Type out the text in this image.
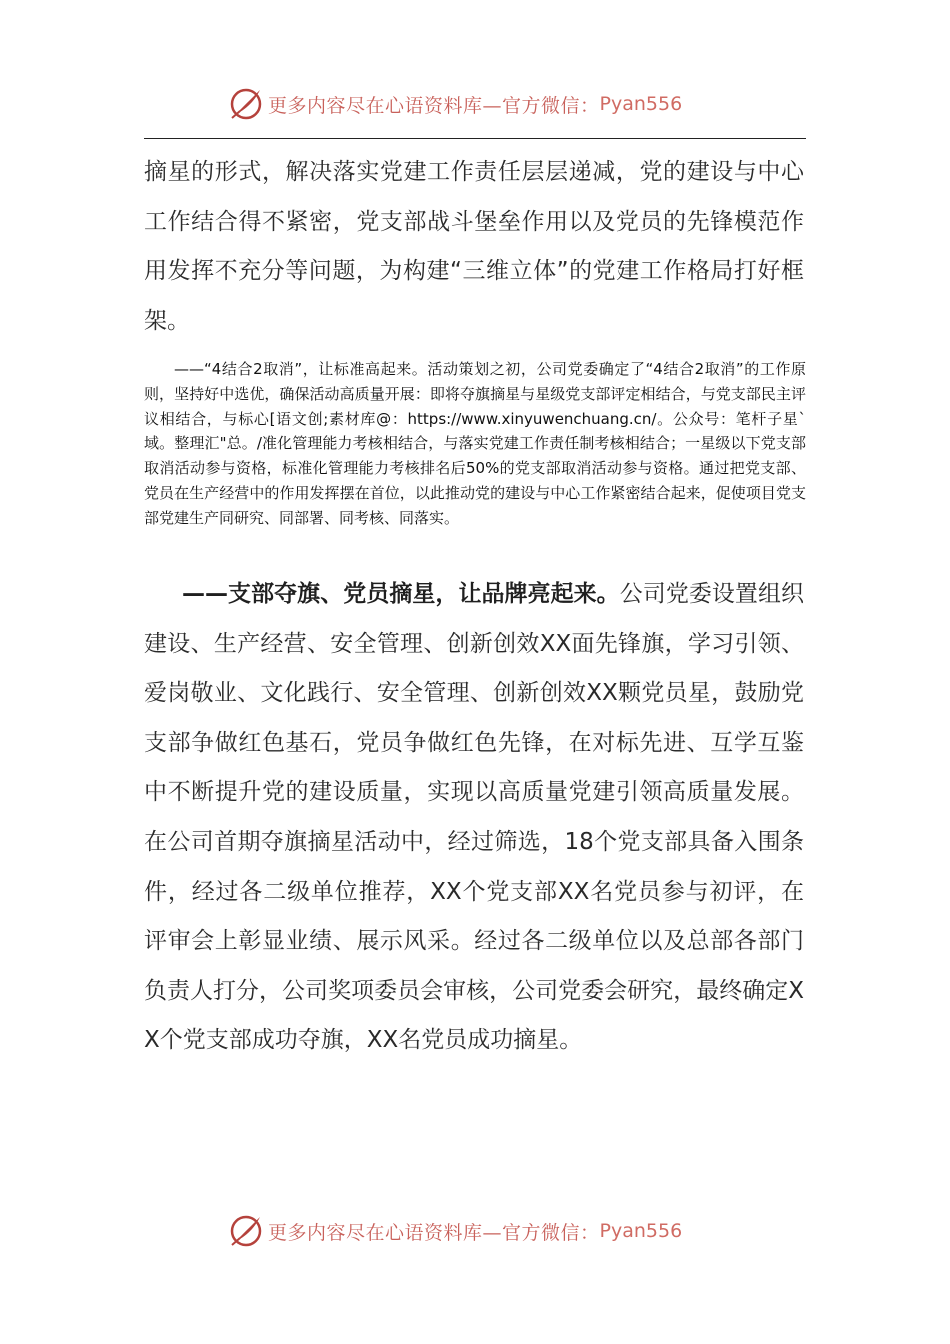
更多内容尽在心语资料库—官方微信： Pyan556
摘星的形式，解决落实党建工作责任层层递减，党的建设与中心工作结合得不紧密，党支部战斗堡垒作用以及党员的先锋模范作用发挥不充分等问题，为构建“三维立体”的党建工作格局打好框架。
——“4结合2取消”，让标准高起来。活动策划之初，公司党委确定了“4结合2取消”的工作原则，坚持好中选优，确保活动高质量开展：即将夺旗摘星与星级党支部评定相结合，与党支部民主评议相结合，与标心[语文创;素材库@：https://www.xinyuwenchuang.cn/。公众号：笔杆子星`域。整理汇"总。/准化管理能力考核相结合，与落实党建工作责任制考核相结合；一星级以下党支部取消活动参与资格，标准化管理能力考核排名后50%的党支部取消活动参与资格。通过把党支部、党员在生产经营中的作用发挥摆在首位，以此推动党的建设与中心工作紧密结合起来，促使项目党支部党建生产同研究、同部署、同考核、同落实。
——支部夺旗、党员摘星，让品牌亮起来。公司党委设置组织建设、生产经营、安全管理、创新创效XX面先锋旗，学习引领、爱岗敬业、文化践行、安全管理、创新创效XX颗党员星，鼓励党支部争做红色基石，党员争做红色先锋，在对标先进、互学互鉴中不断提升党的建设质量，实现以高质量党建引领高质量发展。在公司首期夺旗摘星活动中，经过筛选，18个党支部具备入围条件，经过各二级单位推荐，XX个党支部XX名党员参与初评，在评审会上彰显业绩、展示风采。经过各二级单位以及总部各部门负责人打分，公司奖项委员会审核，公司党委会研究，最终确定XX个党支部成功夺旗，XX名党员成功摘星。
更多内容尽在心语资料库—官方微信： Pyan556
